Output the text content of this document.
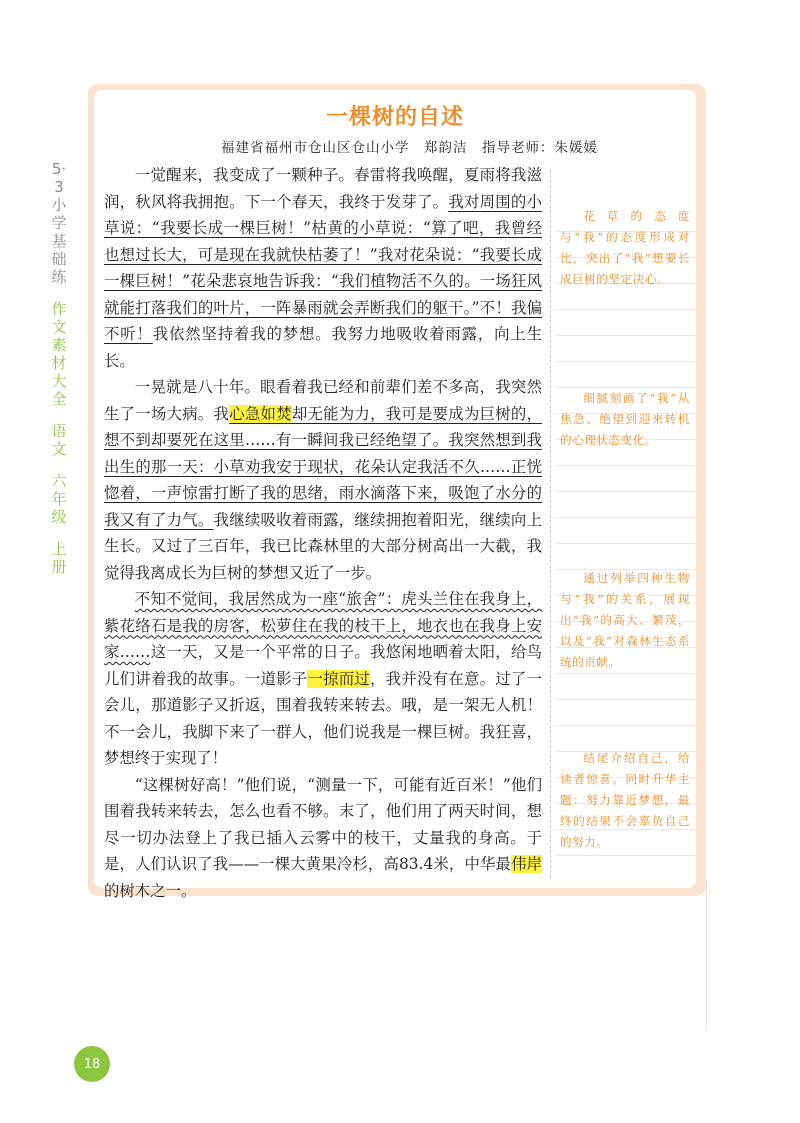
5·3小学基础练
作文素材大全
语文
六年级
上册
一棵树的自述
福建省福州市仓山区仓山小学　郑韵洁　指导老师：朱媛媛

一觉醒来，我变成了一颗种子。春雷将我唤醒，夏雨将我滋润，秋风将我拥抱。下一个春天，我终于发芽了。我对周围的小草说：“我要长成一棵巨树！”枯黄的小草说：“算了吧，我曾经也想过长大，可是现在我就快枯萎了！”我对花朵说：“我要长成一棵巨树！”花朵悲哀地告诉我：“我们植物活不久的。一场狂风就能打落我们的叶片，一阵暴雨就会弄断我们的躯干。”不！我偏不听！我依然坚持着我的梦想。我努力地吸收着雨露，向上生长。

一晃就是八十年。眼看着我已经和前辈们差不多高，我突然生了一场大病。我心急如焚却无能为力，我可是要成为巨树的，想不到却要死在这里……有一瞬间我已经绝望了。我突然想到我出生的那一天：小草劝我安于现状，花朵认定我活不久……正恍惚着，一声惊雷打断了我的思绪，雨水滴落下来，吸饱了水分的我又有了力气。我继续吸收着雨露，继续拥抱着阳光，继续向上生长。又过了三百年，我已比森林里的大部分树高出一大截，我觉得我离成长为巨树的梦想又近了一步。

不知不觉间，我居然成为一座“旅舍”：虎头兰住在我身上，紫花络石是我的房客，松萝住在我的枝干上，地衣也在我身上安家……这一天，又是一个平常的日子。我悠闲地晒着太阳，给鸟儿们讲着我的故事。一道影子一掠而过，我并没有在意。过了一会儿，那道影子又折返，围着我转来转去。哦，是一架无人机！不一会儿，我脚下来了一群人，他们说我是一棵巨树。我狂喜，梦想终于实现了！

“这棵树好高！”他们说，“测量一下，可能有近百米！”他们围着我转来转去，怎么也看不够。末了，他们用了两天时间，想尽一切办法登上了我已插入云雾中的枝干，丈量我的身高。于是，人们认识了我——一棵大黄果冷杉，高83.4米，中华最伟岸的树木之一。

花草的态度与“我”的态度形成对比，突出了“我”想要长成巨树的坚定决心。
细腻刻画了“我”从焦急、绝望到迎来转机的心理状态变化。
通过列举四种生物与“我”的关系，展现出“我”的高大、繁茂，以及“我”对森林生态系统的贡献。
结尾介绍自己，给读者惊喜。同时升华主题：努力靠近梦想，最终的结果不会辜负自己的努力。
18
